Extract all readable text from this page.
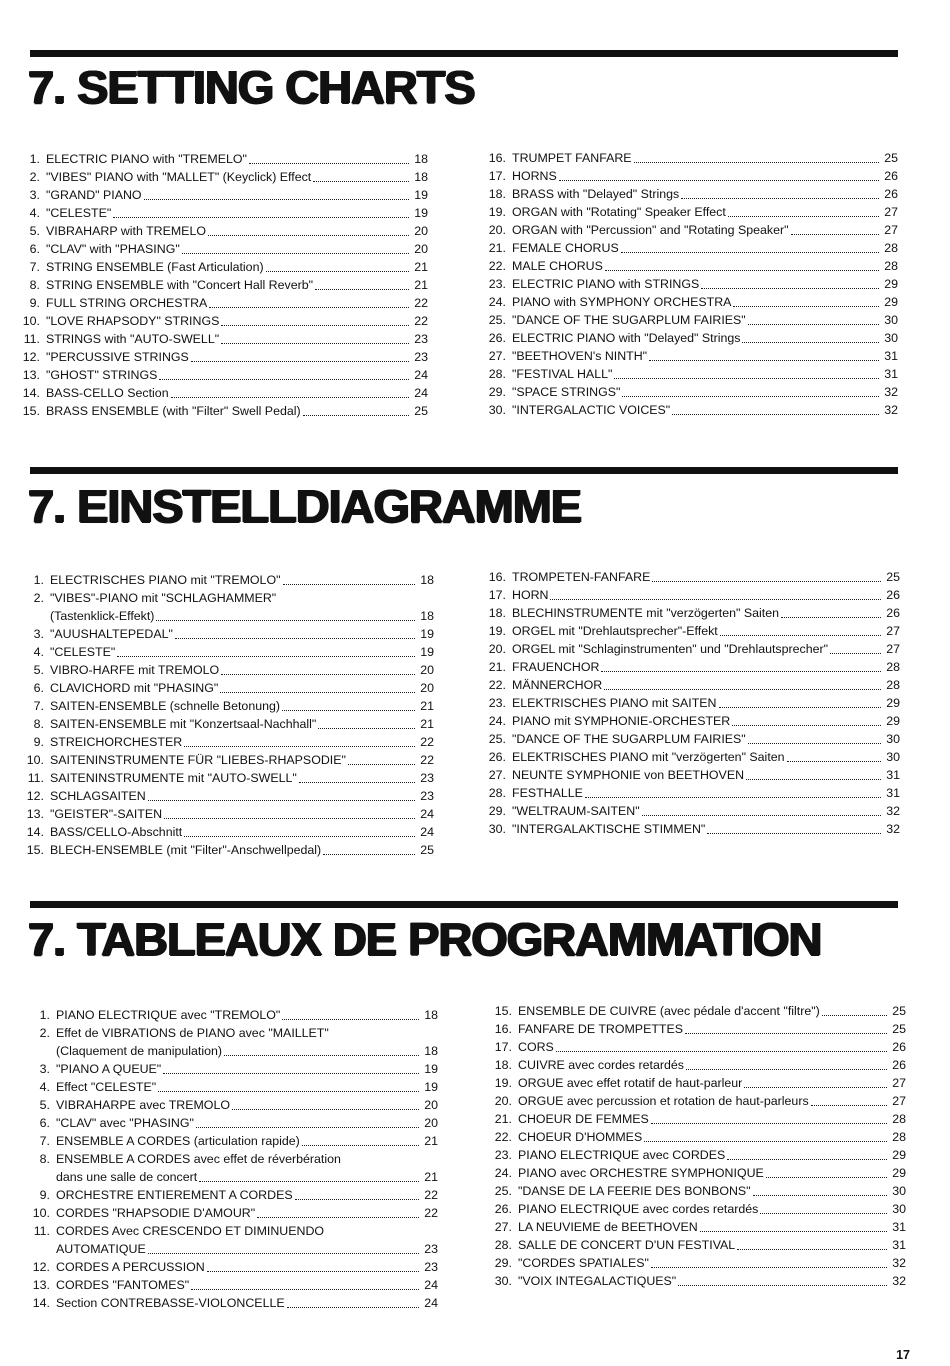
7. SETTING CHARTS
1. ELECTRIC PIANO with "TREMELO"	18
2. "VIBES" PIANO with "MALLET" (Keyclick) Effect	18
3. "GRAND" PIANO	19
4. "CELESTE"	19
5. VIBRAHARP with TREMELO	20
6. "CLAV" with "PHASING"	20
7. STRING ENSEMBLE (Fast Articulation)	21
8. STRING ENSEMBLE with "Concert Hall Reverb"	21
9. FULL STRING ORCHESTRA	22
10. "LOVE RHAPSODY" STRINGS	22
11. STRINGS with "AUTO-SWELL"	23
12. "PERCUSSIVE STRINGS	23
13. "GHOST" STRINGS	24
14. BASS-CELLO Section	24
15. BRASS ENSEMBLE (with "Filter" Swell Pedal)	25
16. TRUMPET FANFARE	25
17. HORNS	26
18. BRASS with "Delayed" Strings	26
19. ORGAN with "Rotating" Speaker Effect	27
20. ORGAN with "Percussion" and "Rotating Speaker"	27
21. FEMALE CHORUS	28
22. MALE CHORUS	28
23. ELECTRIC PIANO with STRINGS	29
24. PIANO with SYMPHONY ORCHESTRA	29
25. "DANCE OF THE SUGARPLUM FAIRIES"	30
26. ELECTRIC PIANO with "Delayed" Strings	30
27. "BEETHOVEN's NINTH"	31
28. "FESTIVAL HALL"	31
29. "SPACE STRINGS"	32
30. "INTERGALACTIC VOICES"	32
7. EINSTELLDIAGRAMME
1. ELECTRISCHES PIANO mit "TREMOLO"	18
2. "VIBES"-PIANO mit "SCHLAGHAMMER"
(Tastenklick-Effekt)	18
3. "AUUSHALTEPEDAL"	19
4. "CELESTE"	19
5. VIBRO-HARFE mit TREMOLO	20
6. CLAVICHORD mit "PHASING"	20
7. SAITEN-ENSEMBLE (schnelle Betonung)	21
8. SAITEN-ENSEMBLE mit "Konzertsaal-Nachhall"	21
9. STREICHORCHESTER	22
10. SAITENINSTRUMENTE FÜR "LIEBES-RHAPSODIE"	22
11. SAITENINSTRUMENTE mit "AUTO-SWELL"	23
12. SCHLAGSAITEN	23
13. "GEISTER"-SAITEN	24
14. BASS/CELLO-Abschnitt	24
15. BLECH-ENSEMBLE (mit "Filter"-Anschwellpedal)	25
16. TROMPETEN-FANFARE	25
17. HORN	26
18. BLECHINSTRUMENTE mit "verzögerten" Saiten	26
19. ORGEL mit "Drehlautsprecher"-Effekt	27
20. ORGEL mit "Schlaginstrumenten" und "Drehlautsprecher"	27
21. FRAUENCHOR	28
22. MÄNNERCHOR	28
23. ELEKTRISCHES PIANO mit SAITEN	29
24. PIANO mit SYMPHONIE-ORCHESTER	29
25. "DANCE OF THE SUGARPLUM FAIRIES"	30
26. ELEKTRISCHES PIANO mit "verzögerten" Saiten	30
27. NEUNTE SYMPHONIE von BEETHOVEN	31
28. FESTHALLE	31
29. "WELTRAUM-SAITEN"	32
30. "INTERGALAKTISCHE STIMMEN"	32
7. TABLEAUX DE PROGRAMMATION
1. PIANO ELECTRIQUE avec "TREMOLO"	18
2. Effet de VIBRATIONS de PIANO avec "MAILLET"
(Claquement de manipulation)	18
3. "PIANO A QUEUE"	19
4. Effect "CELESTE"	19
5. VIBRAHARPE avec TREMOLO	20
6. "CLAV" avec "PHASING"	20
7. ENSEMBLE A CORDES (articulation rapide)	21
8. ENSEMBLE A CORDES avec effet de réverbération
dans une salle de concert	21
9. ORCHESTRE ENTIEREMENT A CORDES	22
10. CORDES "RHAPSODIE D'AMOUR"	22
11. CORDES Avec CRESCENDO ET DIMINUENDO
AUTOMATIQUE	23
12. CORDES A PERCUSSION	23
13. CORDES "FANTOMES"	24
14. Section CONTREBASSE-VIOLONCELLE	24
15. ENSEMBLE DE CUIVRE (avec pédale d'accent "filtre")	25
16. FANFARE DE TROMPETTES	25
17. CORS	26
18. CUIVRE avec cordes retardés	26
19. ORGUE avec effet rotatif de haut-parleur	27
20. ORGUE avec percussion et rotation de haut-parleurs	27
21. CHOEUR DE FEMMES	28
22. CHOEUR D'HOMMES	28
23. PIANO ELECTRIQUE avec CORDES	29
24. PIANO avec ORCHESTRE SYMPHONIQUE	29
25. "DANSE DE LA FEERIE DES BONBONS"	30
26. PIANO ELECTRIQUE avec cordes retardés	30
27. LA NEUVIEME de BEETHOVEN	31
28. SALLE DE CONCERT D'UN FESTIVAL	31
29. "CORDES SPATIALES"	32
30. "VOIX INTEGALACTIQUES"	32
17
